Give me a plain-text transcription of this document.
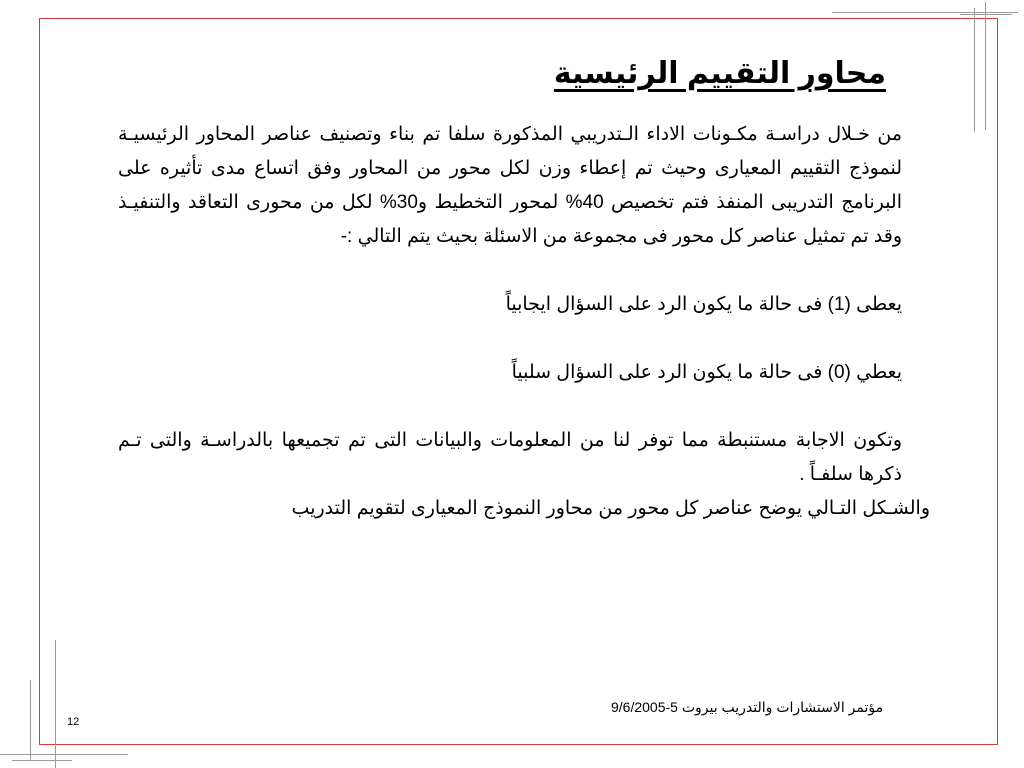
محاور التقييم الرئيسية

من خـلال دراسـة مكـونات الاداء الـتدريبي المذكورة سلفا تم بناء وتصنيف عناصر المحاور الرئيسيـة لنموذج التقييم المعيارى وحيث تم إعطاء وزن لكل محور من المحاور وفق اتساع مدى تأثيره على البرنامج التدريبى المنفذ فتم تخصيص 40% لمحور التخطيط و30% لكل من محورى التعاقد والتنفيـذ وقد تم تمثيل عناصر كل محور فى مجموعة من الاسئلة بحيث يتم التالي :-

يعطى (1) فى حالة ما يكون الرد على السؤال ايجابياً

يعطي (0) فى حالة ما يكون الرد على السؤال سلبياً

وتكون الاجابة مستنبطة مما توفر لنا من المعلومات والبيانات التى تم تجميعها بالدراسـة والتى تـم ذكرها سلفـاً .

والشـكل التـالي يوضح عناصر كل محور من محاور النموذج المعيارى لتقويم التدريب

مؤتمر الاستشارات والتدريب بيروت 5-9/6/2005
12
